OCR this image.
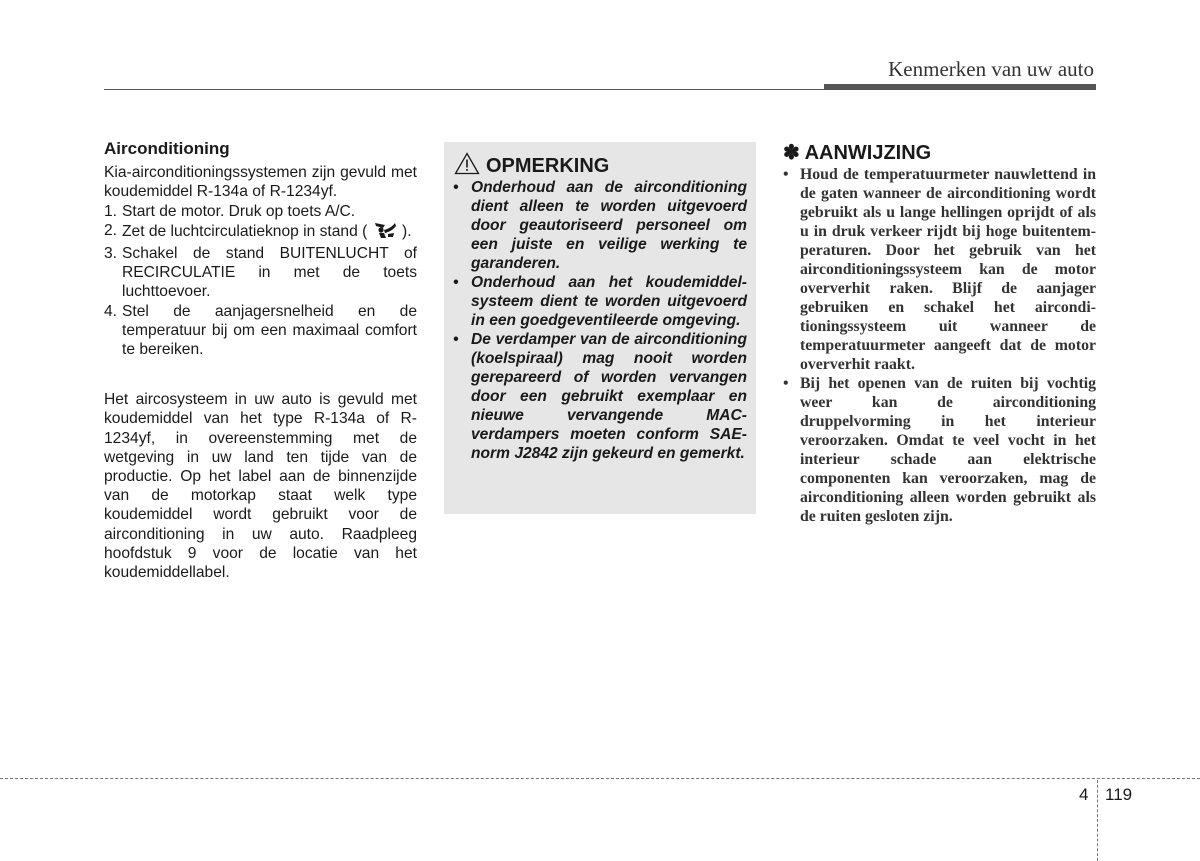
Kenmerken van uw auto
Airconditioning

Kia-airconditioningssystemen zijn gevuld met koudemiddel R-134a of R-1234yf.

1. Start de motor. Druk op toets A/C.
2. Zet de luchtcirculatieknop in stand ( ).
3. Schakel de stand BUITENLUCHT of RECIRCULATIE in met de toets luchttoevoer.
4. Stel de aanjagersnelheid en de temperatuur bij om een maximaal comfort te bereiken.

Het aircosysteem in uw auto is gevuld met koudemiddel van het type R-134a of R- 1234yf, in overeenstemming met de wetgeving in uw land ten tijde van de productie. Op het label aan de binnenzijde van de motorkap staat welk type koudemiddel wordt gebruikt voor de airconditioning in uw auto. Raadpleeg hoofdstuk 9 voor de locatie van het koudemiddellabel.

OPMERKING
• Onderhoud aan de airconditioning dient alleen te worden uitgevoerd door geautoriseerd personeel om een juiste en veilige werking te garanderen.
• Onderhoud aan het koudemiddelsysteem dient te worden uitgevoerd in een goedgeventileerde omgeving.
• De verdamper van de airconditioning (koelspiraal) mag nooit worden gerepareerd of worden vervangen door een gebruikt exemplaar en nieuwe vervangende MAC-verdampers moeten conform SAE-norm J2842 zijn gekeurd en gemerkt.
✽ AANWIJZING
• Houd de temperatuurmeter nauwlettend in de gaten wanneer de airconditioning wordt gebruikt als u lange hellingen oprijdt of als u in druk verkeer rijdt bij hoge buitentemperaturen. Door het gebruik van het airconditioningssysteem kan de motor oververhit raken. Blijf de aanjager gebruiken en schakel het airconditioningssysteem uit wanneer de temperatuurmeter aangeeft dat de motor oververhit raakt.
• Bij het openen van de ruiten bij vochtig weer kan de airconditioning druppelvorming in het interieur veroorzaken. Omdat te veel vocht in het interieur schade aan elektrische componenten kan veroorzaken, mag de airconditioning alleen worden gebruikt als de ruiten gesloten zijn.
4 119
